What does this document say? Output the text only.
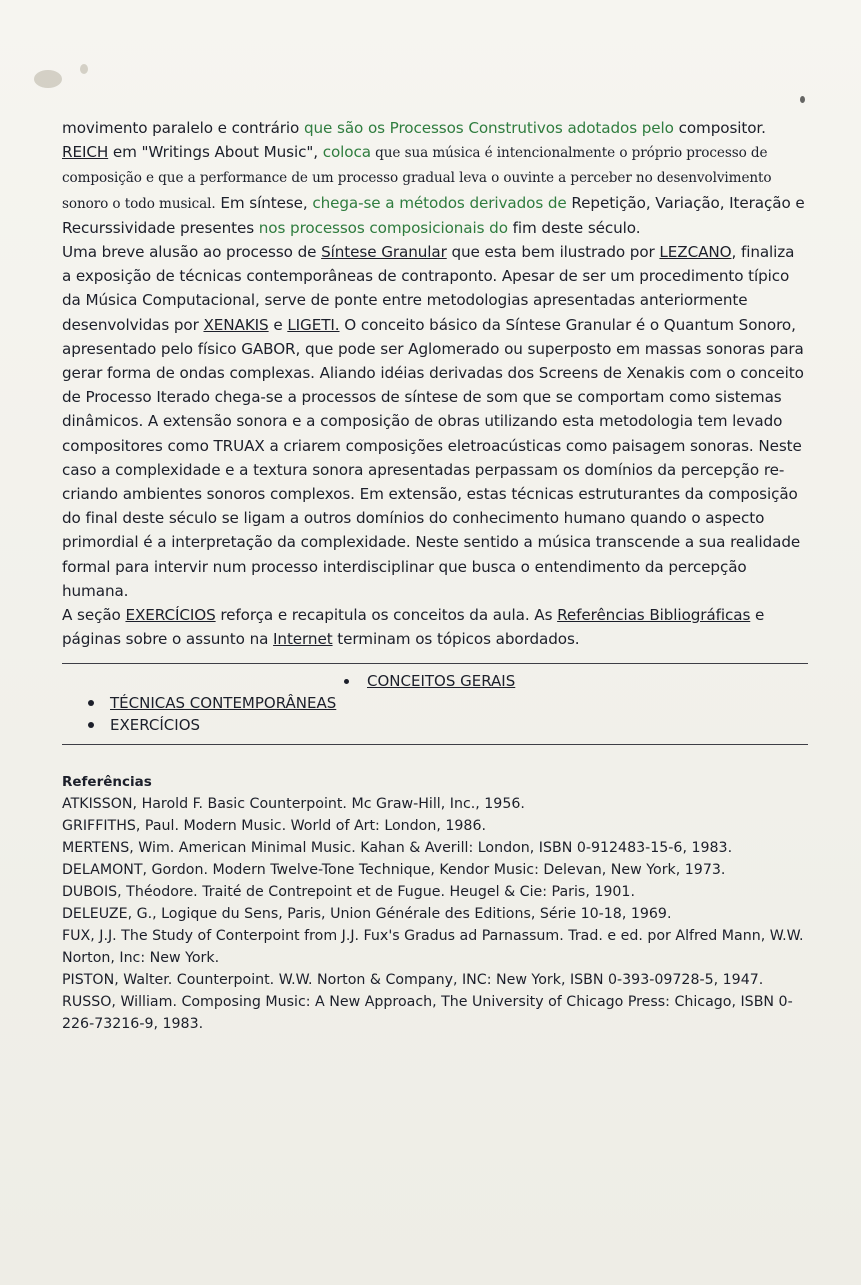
movimento paralelo e contrário que são os Processos Construtivos adotados pelo compositor. REICH em "Writings About Music", coloca que sua música é intencionalmente o próprio processo de composição e que a performance de um processo gradual leva o ouvinte a perceber no desenvolvimento sonoro o todo musical. Em síntese, chega-se a métodos derivados de Repetição, Variação, Iteração e Recurssividade presentes nos processos composicionais do fim deste século.

Uma breve alusão ao processo de Síntese Granular que esta bem ilustrado por LEZCANO, finaliza a exposição de técnicas contemporâneas de contraponto. Apesar de ser um procedimento típico da Música Computacional, serve de ponte entre metodologias apresentadas anteriormente desenvolvidas por XENAKIS e LIGETI. O conceito básico da Síntese Granular é o Quantum Sonoro, apresentado pelo físico GABOR, que pode ser Aglomerado ou superposto em massas sonoras para gerar forma de ondas complexas. Aliando idéias derivadas dos Screens de Xenakis com o conceito de Processo Iterado chega-se a processos de síntese de som que se comportam como sistemas dinâmicos. A extensão sonora e a composição de obras utilizando esta metodologia tem levado compositores como TRUAX a criarem composições eletroacústicas como paisagem sonoras. Neste caso a complexidade e a textura sonora apresentadas perpassam os domínios da percepção re-criando ambientes sonoros complexos. Em extensão, estas técnicas estruturantes da composição do final deste século se ligam a outros domínios do conhecimento humano quando o aspecto primordial é a interpretação da complexidade. Neste sentido a música transcende a sua realidade formal para intervir num processo interdisciplinar que busca o entendimento da percepção humana.

A seção EXERCÍCIOS reforça e recapitula os conceitos da aula. As Referências Bibliográficas e páginas sobre o assunto na Internet terminam os tópicos abordados.

CONCEITOS GERAIS
TÉCNICAS CONTEMPORÂNEAS
EXERCÍCIOS
Referências
ATKISSON, Harold F. Basic Counterpoint. Mc Graw-Hill, Inc., 1956.
GRIFFITHS, Paul. Modern Music. World of Art: London, 1986.
MERTENS, Wim. American Minimal Music. Kahan & Averill: London, ISBN 0-912483-15-6, 1983.
DELAMONT, Gordon. Modern Twelve-Tone Technique, Kendor Music: Delevan, New York, 1973.
DUBOIS, Théodore. Traité de Contrepoint et de Fugue. Heugel & Cie: Paris, 1901.
DELEUZE, G., Logique du Sens, Paris, Union Générale des Editions, Série 10-18, 1969.
FUX, J.J. The Study of Conterpoint from J.J. Fux's Gradus ad Parnassum. Trad. e ed. por Alfred Mann, W.W. Norton, Inc: New York.
PISTON, Walter. Counterpoint. W.W. Norton & Company, INC: New York, ISBN 0-393-09728-5, 1947.
RUSSO, William. Composing Music: A New Approach, The University of Chicago Press: Chicago, ISBN 0-226-73216-9, 1983.
